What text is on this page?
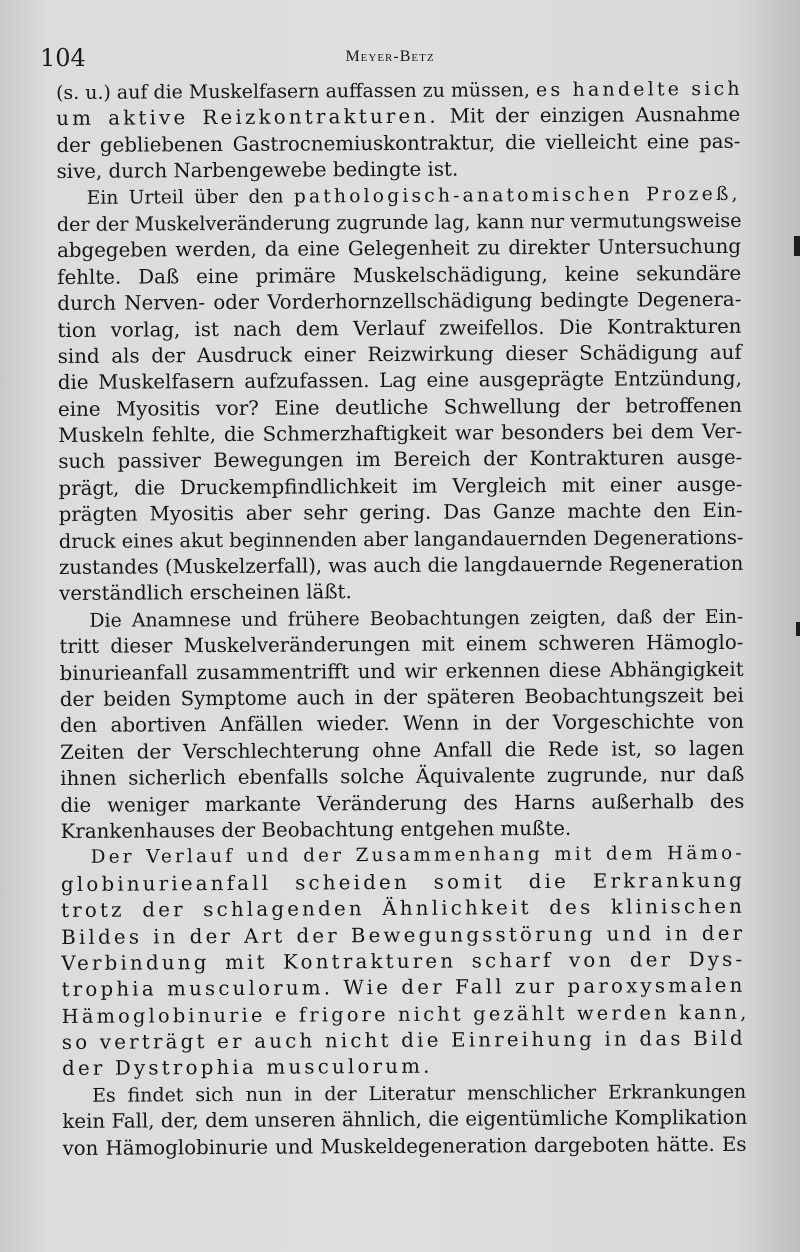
104	Meyer-Betz
(s. u.) auf die Muskelfasern auffassen zu müssen, es handelte sich
um aktive Reizkontrakturen. Mit der einzigen Ausnahme
der gebliebenen Gastrocnemiuskontraktur, die vielleicht eine pas-
sive, durch Narbengewebe bedingte ist.
Ein Urteil über den pathologisch-anatomischen Prozeß,
der der Muskelveränderung zugrunde lag, kann nur vermutungsweise
abgegeben werden, da eine Gelegenheit zu direkter Untersuchung
fehlte. Daß eine primäre Muskelschädigung, keine sekundäre
durch Nerven- oder Vorderhornzellschädigung bedingte Degenera-
tion vorlag, ist nach dem Verlauf zweifellos. Die Kontrakturen
sind als der Ausdruck einer Reizwirkung dieser Schädigung auf
die Muskelfasern aufzufassen. Lag eine ausgeprägte Entzündung,
eine Myositis vor? Eine deutliche Schwellung der betroffenen
Muskeln fehlte, die Schmerzhaftigkeit war besonders bei dem Ver-
such passiver Bewegungen im Bereich der Kontrakturen ausge-
prägt, die Druckempfindlichkeit im Vergleich mit einer ausge-
prägten Myositis aber sehr gering. Das Ganze machte den Ein-
druck eines akut beginnenden aber langandauernden Degenerations-
zustandes (Muskelzerfall), was auch die langdauernde Regeneration
verständlich erscheinen läßt.
Die Anamnese und frühere Beobachtungen zeigten, daß der Ein-
tritt dieser Muskelveränderungen mit einem schweren Hämoglo-
binurieanfall zusammentrifft und wir erkennen diese Abhängigkeit
der beiden Symptome auch in der späteren Beobachtungszeit bei
den abortiven Anfällen wieder. Wenn in der Vorgeschichte von
Zeiten der Verschlechterung ohne Anfall die Rede ist, so lagen
ihnen sicherlich ebenfalls solche Äquivalente zugrunde, nur daß
die weniger markante Veränderung des Harns außerhalb des
Krankenhauses der Beobachtung entgehen mußte.
Der Verlauf und der Zusammenhang mit dem Hämo-
globinurieanfall scheiden somit die Erkrankung
trotz der schlagenden Ähnlichkeit des klinischen
Bildes in der Art der Bewegungsstörung und in der
Verbindung mit Kontrakturen scharf von der Dys-
trophia musculorum. Wie der Fall zur paroxysmalen
Hämoglobinurie e frigore nicht gezählt werden kann,
so verträgt er auch nicht die Einreihung in das Bild
der Dystrophia musculorum.
Es findet sich nun in der Literatur menschlicher Erkrankungen
kein Fall, der, dem unseren ähnlich, die eigentümliche Komplikation
von Hämoglobinurie und Muskeldegeneration dargeboten hätte. Es
